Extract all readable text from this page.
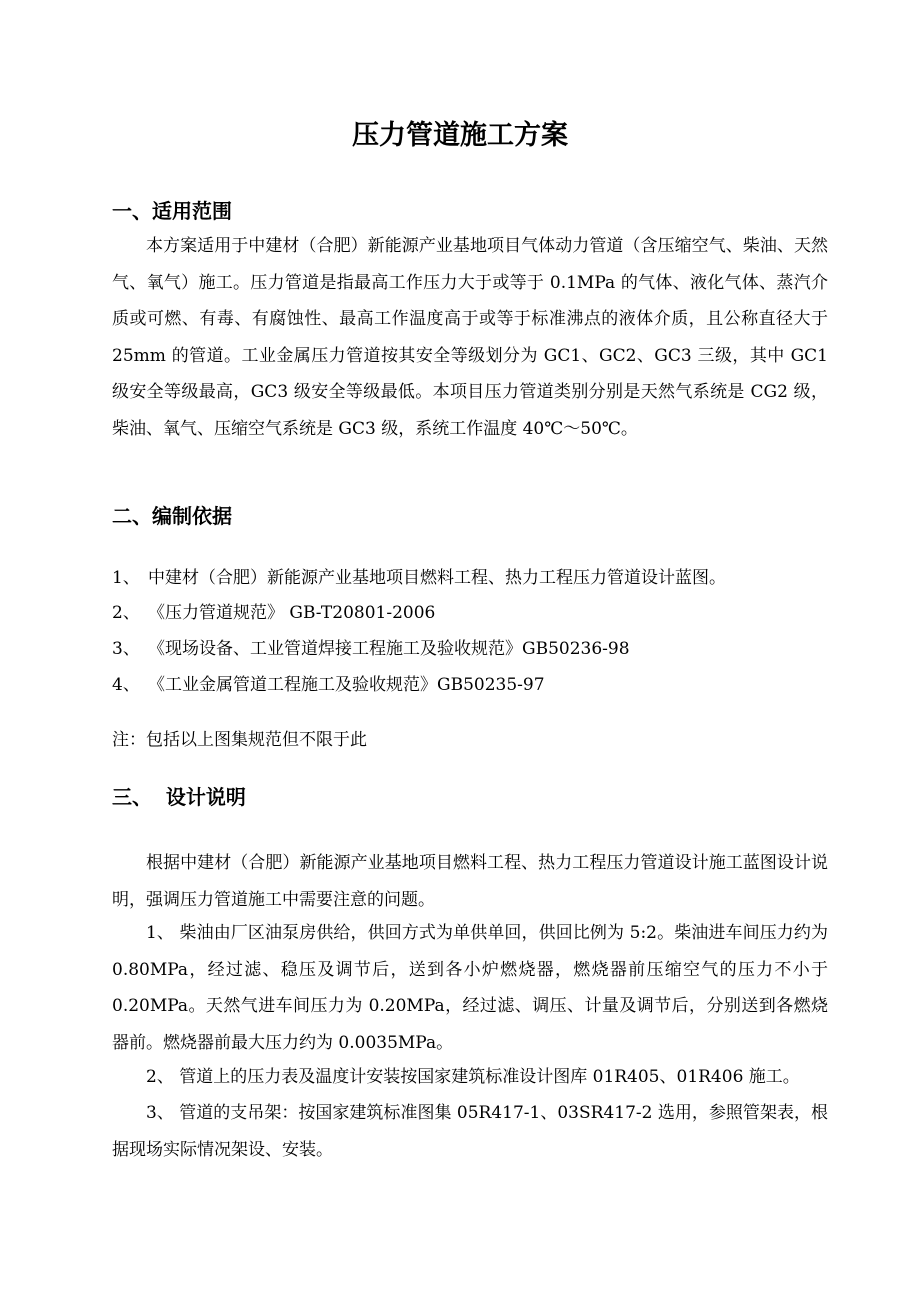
压力管道施工方案
一、适用范围

本方案适用于中建材（合肥）新能源产业基地项目气体动力管道（含压缩空气、柴油、天然气、氧气）施工。压力管道是指最高工作压力大于或等于 0.1MPa 的气体、液化气体、蒸汽介质或可燃、有毒、有腐蚀性、最高工作温度高于或等于标准沸点的液体介质，且公称直径大于 25mm 的管道。工业金属压力管道按其安全等级划分为 GC1、GC2、GC3 三级，其中 GC1 级安全等级最高，GC3 级安全等级最低。本项目压力管道类别分别是天然气系统是 CG2 级，柴油、氧气、压缩空气系统是 GC3 级，系统工作温度 40℃～50℃。

二、编制依据
1、 中建材（合肥）新能源产业基地项目燃料工程、热力工程压力管道设计蓝图。
2、 《压力管道规范》 GB-T20801-2006
3、 《现场设备、工业管道焊接工程施工及验收规范》GB50236-98
4、 《工业金属管道工程施工及验收规范》GB50235-97
注：包括以上图集规范但不限于此
三、  设计说明

根据中建材（合肥）新能源产业基地项目燃料工程、热力工程压力管道设计施工蓝图设计说明，强调压力管道施工中需要注意的问题。

1、 柴油由厂区油泵房供给，供回方式为单供单回，供回比例为 5:2。柴油进车间压力约为 0.80MPa，经过滤、稳压及调节后，送到各小炉燃烧器，燃烧器前压缩空气的压力不小于 0.20MPa。天然气进车间压力为 0.20MPa，经过滤、调压、计量及调节后，分别送到各燃烧器前。燃烧器前最大压力约为 0.0035MPa。

2、 管道上的压力表及温度计安装按国家建筑标准设计图库 01R405、01R406 施工。

3、 管道的支吊架：按国家建筑标准图集 05R417-1、03SR417-2 选用，参照管架表，根据现场实际情况架设、安装。
